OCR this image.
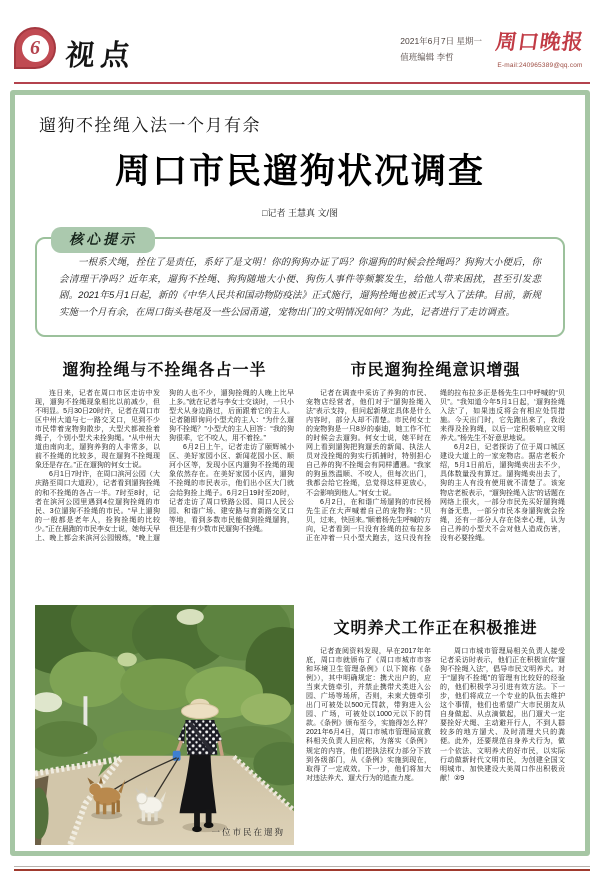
6 视点	2021年6月7日 星期一
值班编辑 李哲
周口晚报
E-mail:240965389@qq.com
遛狗不拴绳入法一个月有余
周口市民遛狗状况调查
□记者 王慧真 文/图
核心提示
一根系犬绳，拴住了是责任，系好了是文明！你的狗狗办证了吗？你遛狗的时候会拴绳吗？狗狗大小便后，你会清理干净吗？近年来，遛狗不拴绳、狗狗随地大小便、狗伤人事件等频繁发生，给他人带来困扰，甚至引发悲剧。2021年5月1日起，新的《中华人民共和国动物防疫法》正式施行，遛狗拴绳也被正式写入了法律。目前，新规实施一个月有余，在周口街头巷尾及一些公园甬道，宠物出门的文明情况如何？为此，记者进行了走访调查。
遛狗拴绳与不拴绳各占一半

连日来，记者在周口市区走访中发现，遛狗不拴绳现象相比以前减少，但不明显。5月30日20时许，记者在周口市区中州大道与七一路交叉口，见到不少市民带着宠物狗散步，大型犬都被拴着绳子，个别小型犬未拴狗绳。“从中州大道由南向北，遛狗养狗的人非常多，以前不拴绳的比较多，现在遛狗不拴绳现象还是存在。”正在遛狗的何女士说。

6月1日7时许，在周口滨河公园（大庆路至周口大道段），记者看到遛狗拴绳的和不拴绳的各占一半。7时至8时，记者在滨河公园里遇到4位遛狗拴绳的市民、3位遛狗不拴绳的市民。“早上遛狗的一般都是老年人，拴狗拴绳的比较少。”正在晨跑的市民李女士说，她每天早上、晚上都会来滨河公园锻炼，“晚上遛狗的人也不少，遛狗拴绳的人晚上比早上多。”就在记者与李女士交谈时，一只小型犬从身边路过，后面跟着它的主人。记者随即询问小型犬的主人：“为什么遛狗不拴绳？”小型犬的主人回答：“我的狗狗很乖，它不咬人，用不着拴。”

6月2日上午，记者走访了颐辉城小区、美好家园小区、新闻花园小区、顺河小区等，发现小区内遛狗不拴绳的现象依然存在。在美好家园小区内，遛狗不拴绳的市民表示，他们出小区大门就会给狗拴上绳子。6月2日19时至20时，记者走访了周口铁路公园、周口人民公园、和谐广场、建安路与育新路交叉口等地，看到多数市民能做到拴绳遛狗，但还是有少数市民遛狗不拴绳。

一位市民在遛狗
市民遛狗拴绳意识增强

记者在调查中采访了养狗的市民、宠物店经营者，他们对于“遛狗拴绳入法”表示支持，但问起新规定具体是什么内容时，部分人却不清楚。市民何女士的宠物狗是一只8岁的泰迪，她工作不忙的时候会去遛狗。何女士说，她平时在网上看到遛狗把狗遛丢的新闻、执法人员对没拴绳的狗实行抓捕时，特别担心自己养的狗不拴绳会有同样遭遇。“我家的狗虽然温顺、不咬人，但每次出门，我都会给它拴绳，总觉得这样更放心，不会影响到他人。”何女士说。

6月2日，在和谐广场遛狗的市民杨先生正在大声喊着自己的宠物狗：“贝贝，过来，快回来。”顺着杨先生呼喊的方向，记者看到一只没有拴绳的拉布拉多正在冲着一只小型犬跑去，这只没有拴绳的拉布拉多正是杨先生口中呼喊的“贝贝”。“我知道今年5月1日起，‘遛狗拴绳入法’了，如果违反将会有相应处罚措施。今天出门时，它先跑出来了，我没来得及拴狗绳，以后一定积极响应文明养犬。”杨先生不好意思地说。

6月2日，记者探访了位于周口城区建设大道上的一家宠物店。据店老板介绍，5月1日前后，遛狗绳卖出去不少，具体数量没有算过。遛狗绳卖出去了，狗的主人有没有使用就不清楚了。该宠物店老板表示，“遛狗拴绳入法”的话题在网络上很火，一部分市民先买好遛狗绳有备无患，一部分市民本身遛狗就会拴绳，还有一部分人存在侥幸心理，认为自己养的小型犬不会对他人造成伤害，没有必要拴绳。

文明养犬工作正在积极推进

记者查阅资料发现，早在2017年年底，周口市就颁布了《周口市城市市容和环境卫生管理条例》（以下简称《条例》），其中明确规定：携犬出户的，应当束犬链牵引，并禁止携带犬类进入公园、广场等场所，否则，未束犬链牵引出门可被处以500元罚款，带狗进入公园、广场，可被处以1000元以下的罚款。《条例》颁布至今，实施得怎么样？2021年6月4日，周口市城市管理局宣教科相关负责人回应称，为落实《条例》规定的内容，他们把执法权力部分下放到各级部门，从《条例》实施到现在，取得了一定成效。下一步，他们将加大对违法养犬、遛犬行为的追查力度。

周口市城市管理局相关负责人接受记者采访时表示，他们正在积极宣传“遛狗不拴绳入法”，倡导市民文明养犬。对于“遛狗不拴绳”的管理有比较好的经验的，他们积极学习引进有效方法。下一步，他们将成立一个专业的队伍去维护这个事情，他们也希望广大市民朋友从自身做起、从点滴做起，出门遛犬一定要拴好犬绳、主动避开行人，不到人群较多的地方遛犬、及时清理犬只的粪便。此外，还要规范自身养犬行为，做一个依法、文明养犬的好市民，以实际行动做新时代文明市民，为创建全国文明城市、加快建设大美周口作出积极贡献！②9
